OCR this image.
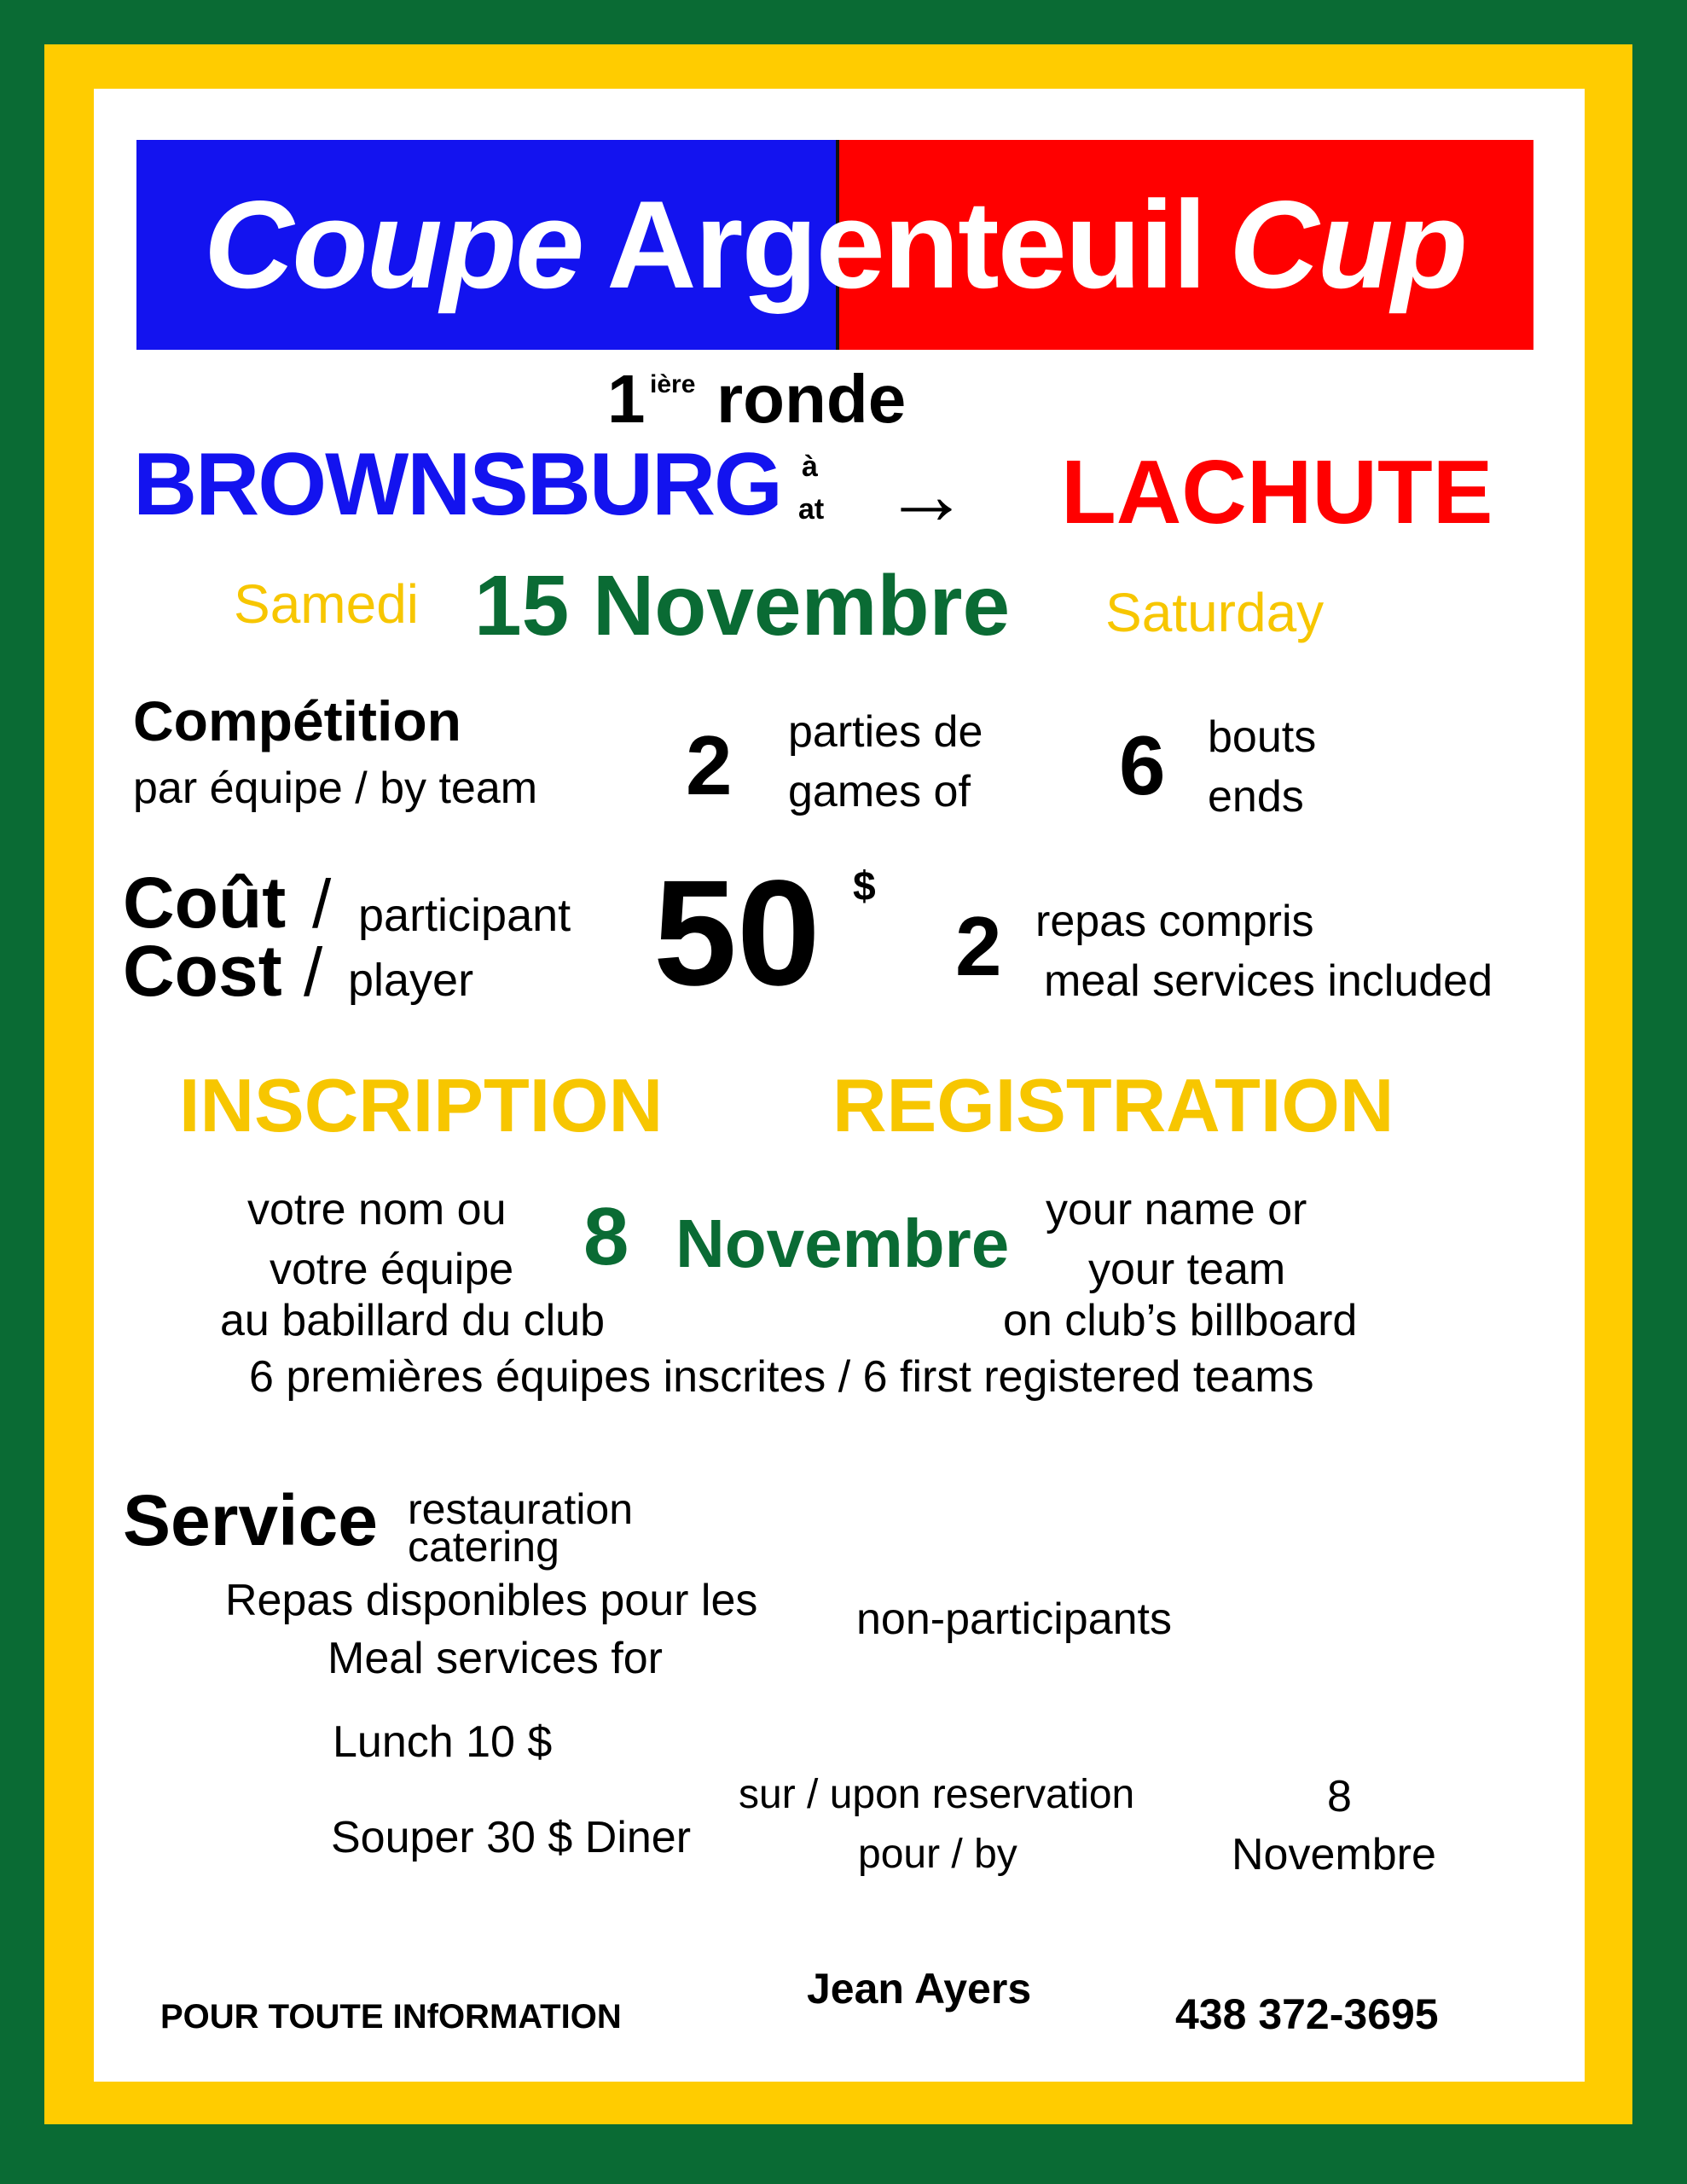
Coupe Argenteuil Cup
1 ière ronde
BROWNSBURG à
at → LACHUTE
Samedi 15 Novembre Saturday
Compétition
par équipe / by team 2 parties de
games of 6 bouts
ends
Coût / participant
Cost / player 50 $
2 repas compris
meal services included
INSCRIPTION REGISTRATION
votre nom ou
votre équipe
au babillard du club
8 Novembre your name or
your team
on club’s billboard
6 premières équipes inscrites / 6 first registered teams
Service restauration
catering
Repas disponibles pour les
Meal services for
non-participants
Lunch 10 $
Souper 30 $ Diner
sur / upon reservation
pour / by
8
Novembre
POUR TOUTE INfORMATION
Jean Ayers
438 372-3695
